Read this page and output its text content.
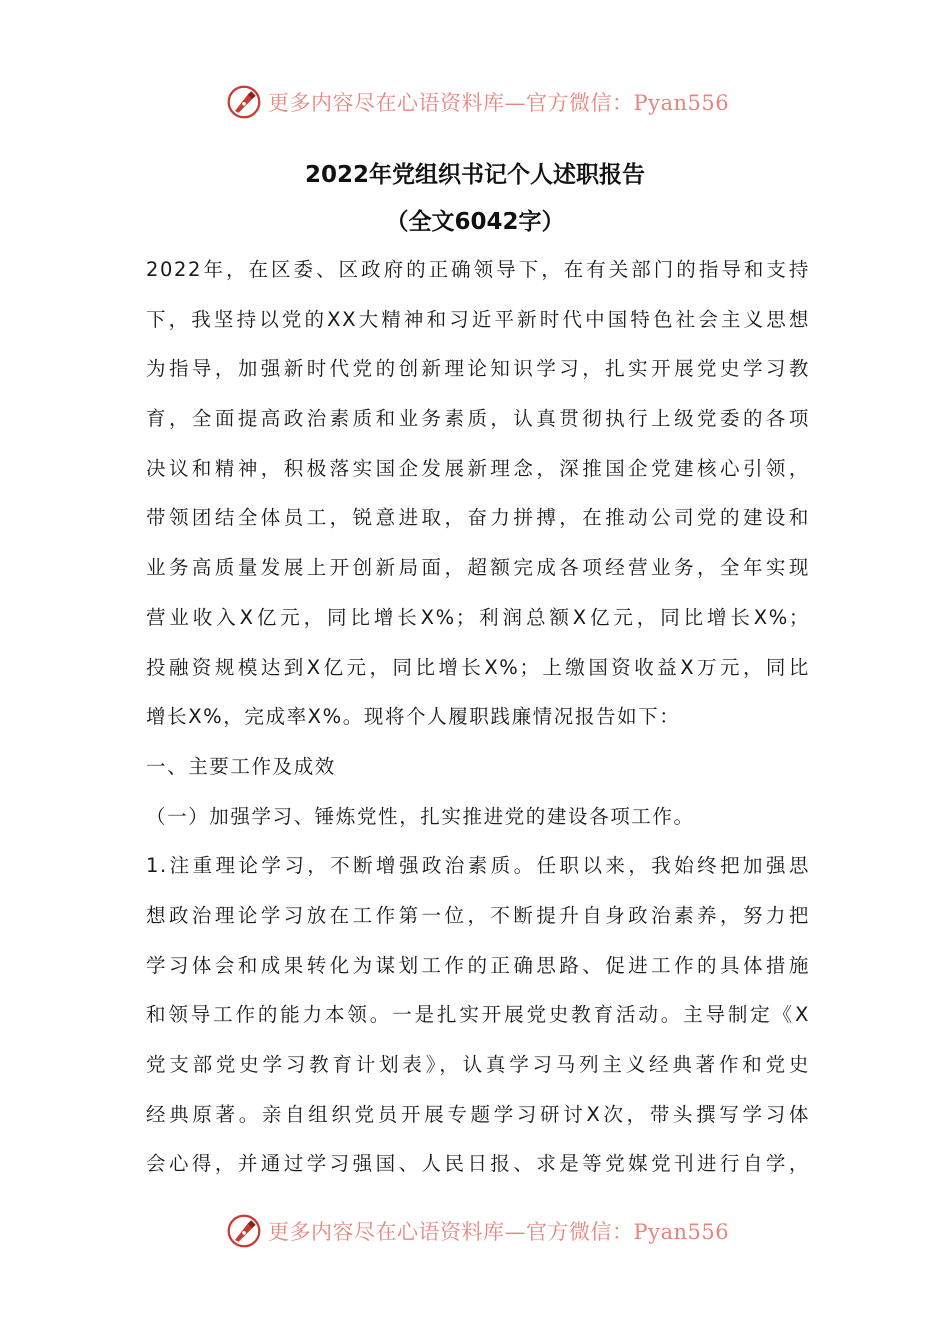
更多内容尽在心语资料库—官方微信：Pyan556
2022年党组织书记个人述职报告
（全文6042字）
2022年，在区委、区政府的正确领导下，在有关部门的指导和支持
下，我坚持以党的XX大精神和习近平新时代中国特色社会主义思想
为指导，加强新时代党的创新理论知识学习，扎实开展党史学习教
育，全面提高政治素质和业务素质，认真贯彻执行上级党委的各项
决议和精神，积极落实国企发展新理念，深推国企党建核心引领，
带领团结全体员工，锐意进取，奋力拼搏，在推动公司党的建设和
业务高质量发展上开创新局面，超额完成各项经营业务，全年实现
营业收入X亿元，同比增长X%；利润总额X亿元，同比增长X%；
投融资规模达到X亿元，同比增长X%；上缴国资收益X万元，同比
增长X%，完成率X%。现将个人履职践廉情况报告如下：
一、主要工作及成效
（一）加强学习、锤炼党性，扎实推进党的建设各项工作。
1.注重理论学习，不断增强政治素质。任职以来，我始终把加强思
想政治理论学习放在工作第一位，不断提升自身政治素养，努力把
学习体会和成果转化为谋划工作的正确思路、促进工作的具体措施
和领导工作的能力本领。一是扎实开展党史教育活动。主导制定《X
党支部党史学习教育计划表》，认真学习马列主义经典著作和党史
经典原著。亲自组织党员开展专题学习研讨X次，带头撰写学习体
会心得，并通过学习强国、人民日报、求是等党媒党刊进行自学，
更多内容尽在心语资料库—官方微信：Pyan556
